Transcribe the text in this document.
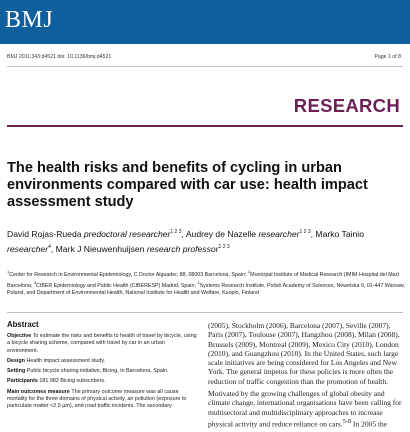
BMJ
BMJ 2011;343:d4521 doi: 10.1136/bmj.d4521	Page 1 of 8
RESEARCH
The health risks and benefits of cycling in urban environments compared with car use: health impact assessment study
David Rojas-Rueda predoctoral researcher$^{1 2 3}$, Audrey de Nazelle researcher$^{1 2 3}$, Marko Tainio researcher$^4$, Mark J Nieuwenhuijsen research professor$^{1 2 3}$
$^1$Center for Research in Environmental Epidemiology, C Doctor Aiguader, 88, 08003 Barcelona, Spain; $^2$Municipal Institute of Medical Research (IMIM-Hospital del Mar) Barcelona; $^3$CIBER Epidemiology and Public Health (CIBERESP) Madrid, Spain; $^4$Systems Research Institute, Polish Academy of Sciences, Newelska 6, 01-447 Warsaw, Poland, and Department of Environmental Health, National Institute for Health and Welfare, Kuopio, Finland
Abstract

Objective To estimate the risks and benefits to health of travel by bicycle, using a bicycle sharing scheme, compared with travel by car in an urban environment.

Design Health impact assessment study.

Setting Public bicycle sharing initiative, Bicing, in Barcelona, Spain.

Participants 181 982 Bicing subscribers.

Main outcomes measure The primary outcome measure was all cause mortality for the three domains of physical activity, air pollution (exposure to particulate matter <2.5 µm), and road traffic incidents. The secondary

(2005), Stockholm (2006), Barcelona (2007), Seville (2007), Paris (2007), Toulouse (2007), Hangzhou (2008), Milan (2008), Brussels (2009), Montreal (2009), Mexico City (2010), London (2010), and Guangzhou (2010). In the United States, such large scale initiatives are being considered for Los Angeles and New York. The general impetus for these policies is more often the reduction of traffic congestion than the promotion of health.

Motivated by the growing challenges of global obesity and climate change, international organisations have been calling for multisectoral and multidisciplinary approaches to increase physical activity and reduce reliance on cars.$^{5-8}$ In 2005 the
